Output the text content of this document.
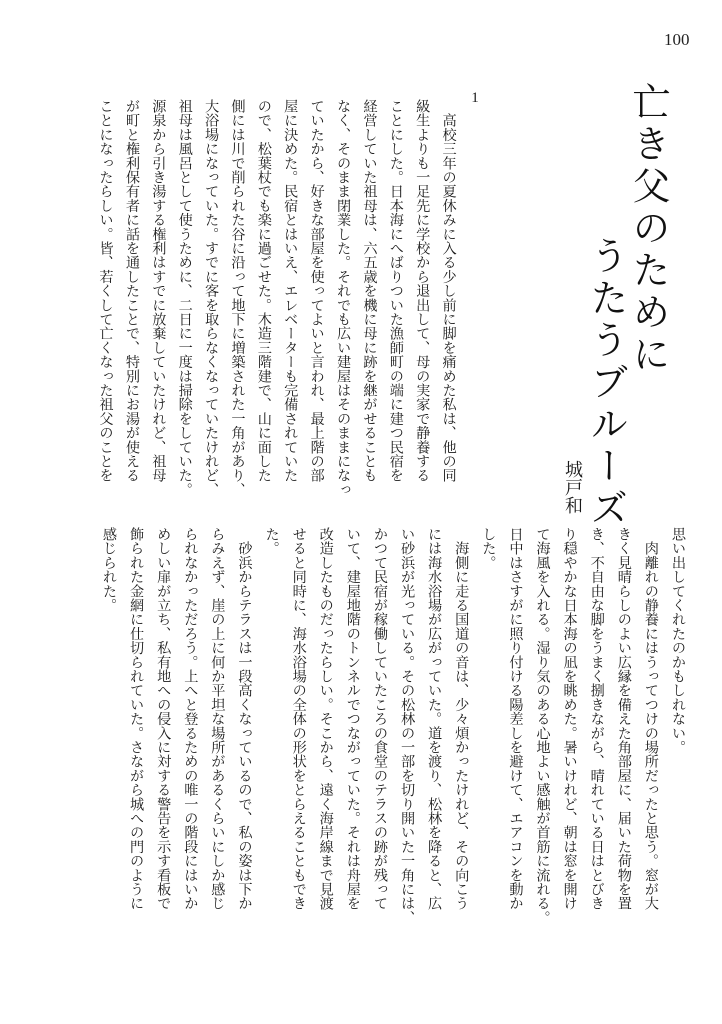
100
亡き父のために
うたうブルーズ
城戸和
1
　高校三年の夏休みに入る少し前に脚を痛めた私は、他の同
級生よりも一足先に学校から退出して、母の実家で静養する
ことにした。日本海にへばりついた漁師町の端に建つ民宿を
経営していた祖母は、六五歳を機に母に跡を継がせることも
なく、そのまま閉業した。それでも広い建屋はそのままになっ
ていたから、好きな部屋を使ってよいと言われ、最上階の部
屋に決めた。民宿とはいえ、エレベーターも完備されていた
ので、松葉杖でも楽に過ごせた。木造三階建で、山に面した
側には川で削られた谷に沿って地下に増築された一角があり、
大浴場になっていた。すでに客を取らなくなっていたけれど、
祖母は風呂として使うために、二日に一度は掃除をしていた。
源泉から引き湯する権利はすでに放棄していたけれど、祖母
が町と権利保有者に話を通したことで、特別にお湯が使える
ことになったらしい。皆、若くして亡くなった祖父のことを
思い出してくれたのかもしれない。
　肉離れの静養にはうってつけの場所だったと思う。窓が大
きく見晴らしのよい広縁を備えた角部屋に、届いた荷物を置
き、不自由な脚をうまく捌きながら、晴れている日はとびき
り穏やかな日本海の凪を眺めた。暑いけれど、朝は窓を開け
て海風を入れる。湿り気のある心地よい感触が首筋に流れる。
日中はさすがに照り付ける陽差しを避けて、エアコンを動か
した。
　海側に走る国道の音は、少々煩かったけれど、その向こう
には海水浴場が広がっていた。道を渡り、松林を降ると、広
い砂浜が光っている。その松林の一部を切り開いた一角には、
かつて民宿が稼働していたころの食堂のテラスの跡が残って
いて、建屋地階のトンネルでつながっていた。それは舟屋を
改造したものだったらしい。そこから、遠く海岸線まで見渡
せると同時に、海水浴場の全体の形状をとらえることもでき
た。
　砂浜からテラスは一段高くなっているので、私の姿は下か
らみえず、崖の上に何か平坦な場所があるくらいにしか感じ
られなかっただろう。上へと登るための唯一の階段にはいか
めしい扉が立ち、私有地への侵入に対する警告を示す看板で
飾られた金網に仕切られていた。さながら城への門のように
感じられた。
